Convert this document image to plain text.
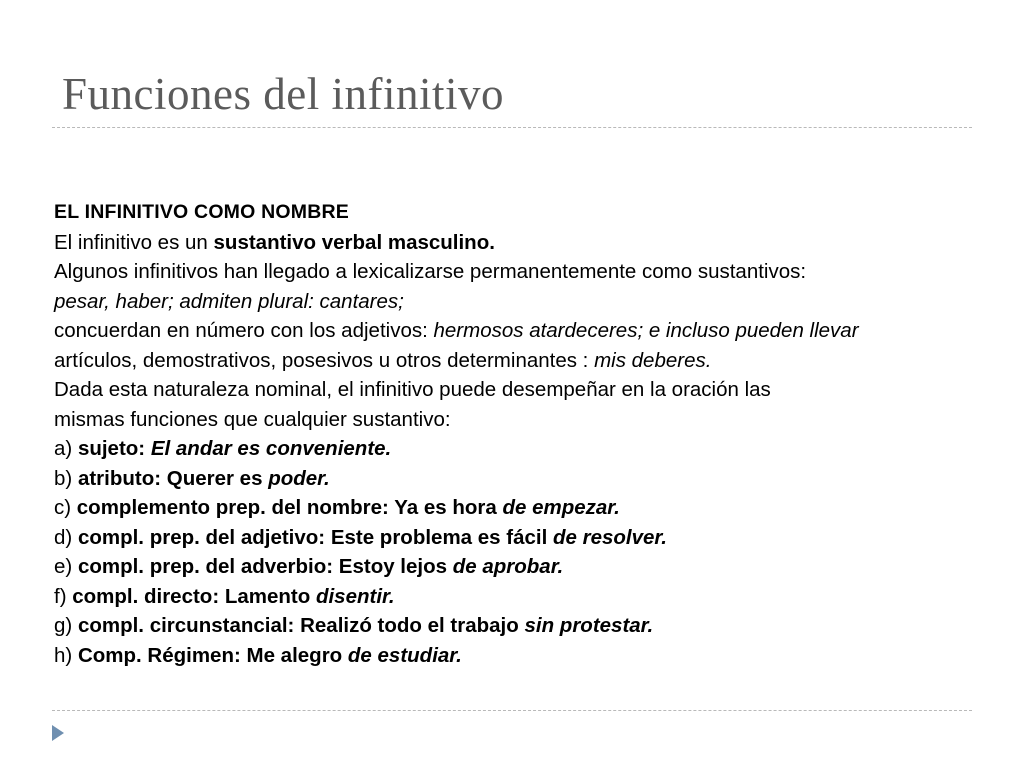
Funciones del infinitivo
EL INFINITIVO COMO NOMBRE
El infinitivo es un sustantivo verbal masculino.
Algunos infinitivos han llegado a lexicalizarse permanentemente como sustantivos:
pesar, haber; admiten plural: cantares;
concuerdan en número con los adjetivos: hermosos atardeceres; e incluso pueden llevar
artículos, demostrativos, posesivos u otros determinantes : mis deberes.
Dada esta naturaleza nominal, el infinitivo puede desempeñar en la oración las
mismas funciones que cualquier sustantivo:
a) sujeto: El andar es conveniente.
b) atributo: Querer es poder.
c) complemento prep. del nombre: Ya es hora de empezar.
d) compl. prep. del adjetivo: Este problema es fácil de resolver.
e) compl. prep. del adverbio: Estoy lejos de aprobar.
f) compl. directo: Lamento disentir.
g) compl. circunstancial: Realizó todo el trabajo sin protestar.
h) Comp. Régimen: Me alegro de estudiar.
